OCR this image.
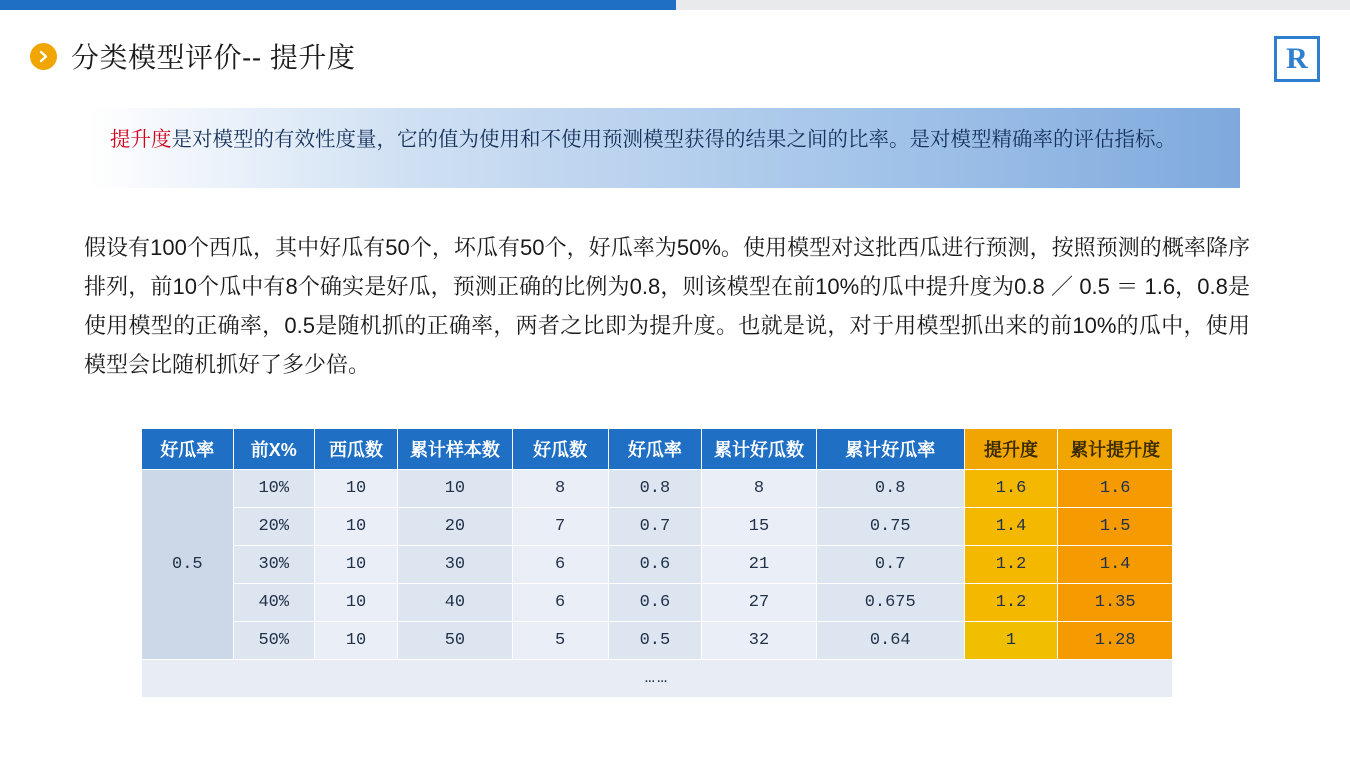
分类模型评价-- 提升度	R
提升度是对模型的有效性度量，它的值为使用和不使用预测模型获得的结果之间的比率。是对模型精确率的评估指标。
假设有100个西瓜，其中好瓜有50个，坏瓜有50个，好瓜率为50%。使用模型对这批西瓜进行预测，按照预测的概率降序排列，前10个瓜中有8个确实是好瓜，预测正确的比例为0.8，则该模型在前10%的瓜中提升度为0.8 ／ 0.5 ＝ 1.6，0.8是使用模型的正确率，0.5是随机抓的正确率，两者之比即为提升度。也就是说，对于用模型抓出来的前10%的瓜中，使用模型会比随机抓好了多少倍。
好瓜率	前X%	西瓜数	累计样本数	好瓜数	好瓜率	累计好瓜数	累计好瓜率	提升度	累计提升度
0.5	10%	10	10	8	0.8	8	0.8	1.6	1.6
	20%	10	20	7	0.7	15	0.75	1.4	1.5
	30%	10	30	6	0.6	21	0.7	1.2	1.4
	40%	10	40	6	0.6	27	0.675	1.2	1.35
	50%	10	50	5	0.5	32	0.64	1	1.28
……									
